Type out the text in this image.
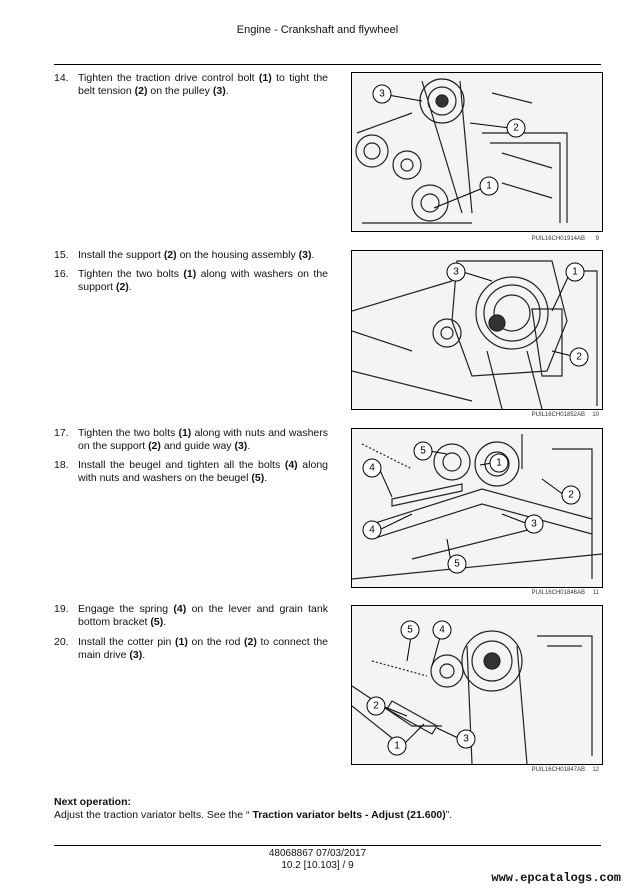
Engine - Crankshaft and flywheel
14. Tighten the traction drive control bolt (1) to tight the belt tension (2) on the pulley (3).
15. Install the support (2) on the housing assembly (3).
16. Tighten the two bolts (1) along with washers on the support (2).
17. Tighten the two bolts (1) along with nuts and washers on the support (2) and guide way (3).
18. Install the beugel and tighten all the bolts (4) along with nuts and washers on the beugel (5).
19. Engage the spring (4) on the lever and grain tank bottom bracket (5).
20. Install the cotter pin (1) on the rod (2) to connect the main drive (3).
3
2
1
PUIL16CH01914AB 9
3	1
2
PUIL16CH01852AB 10
4
5
1
2
4
3
5
PUIL16CH01846AB 11
5	4
2
1
3
PUIL16CH01847AB 12
Next operation:
Adjust the traction variator belts. See the “ Traction variator belts - Adjust (21.600)”.
48068867 07/03/2017
10.2 [10.103] / 9
www.epcatalogs.com
